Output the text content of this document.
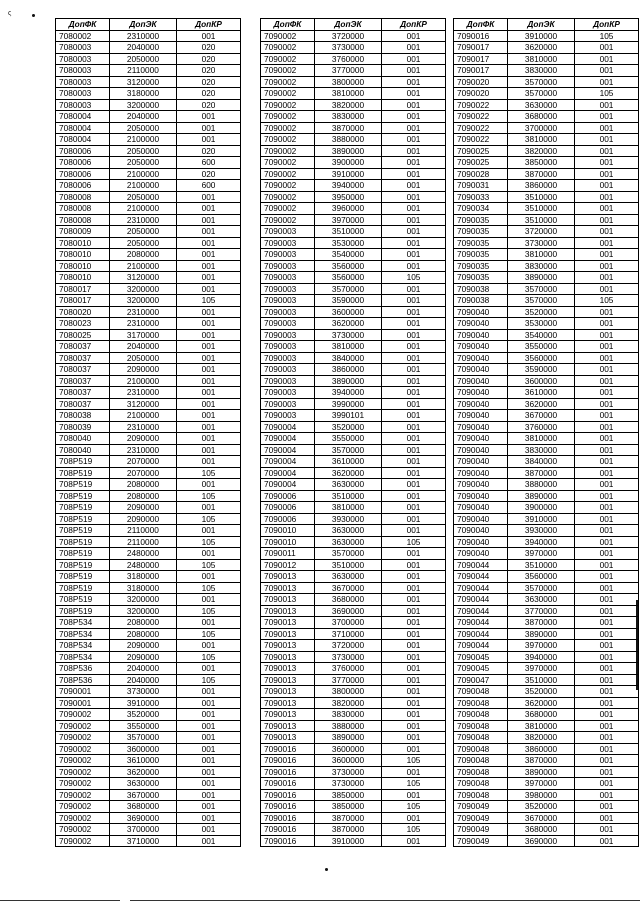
ς
ДопФК	ДопЭК	ДопКР
7080002	2310000	001
7080003	2040000	020
7080003	2050000	020
7080003	2110000	020
7080003	3120000	020
7080003	3180000	020
7080003	3200000	020
7080004	2040000	001
7080004	2050000	001
7080004	2100000	001
7080006	2050000	020
7080006	2050000	600
7080006	2100000	020
7080006	2100000	600
7080008	2050000	001
7080008	2100000	001
7080008	2310000	001
7080009	2050000	001
7080010	2050000	001
7080010	2080000	001
7080010	2100000	001
7080010	3120000	001
7080017	3200000	001
7080017	3200000	105
7080020	2310000	001
7080023	2310000	001
7080025	3170000	001
7080037	2040000	001
7080037	2050000	001
7080037	2090000	001
7080037	2100000	001
7080037	2310000	001
7080037	3120000	001
7080038	2100000	001
7080039	2310000	001
7080040	2090000	001
7080040	2310000	001
708P519	2070000	001
708P519	2070000	105
708P519	2080000	001
708P519	2080000	105
708P519	2090000	001
708P519	2090000	105
708P519	2110000	001
708P519	2110000	105
708P519	2480000	001
708P519	2480000	105
708P519	3180000	001
708P519	3180000	105
708P519	3200000	001
708P519	3200000	105
708P534	2080000	001
708P534	2080000	105
708P534	2090000	001
708P534	2090000	105
708P536	2040000	001
708P536	2040000	105
7090001	3730000	001
7090001	3910000	001
7090002	3520000	001
7090002	3550000	001
7090002	3570000	001
7090002	3600000	001
7090002	3610000	001
7090002	3620000	001
7090002	3630000	001
7090002	3670000	001
7090002	3680000	001
7090002	3690000	001
7090002	3700000	001
7090002	3710000	001
ДопФК	ДопЭК	ДопКР
7090002	3720000	001
7090002	3730000	001
7090002	3760000	001
7090002	3770000	001
7090002	3800000	001
7090002	3810000	001
7090002	3820000	001
7090002	3830000	001
7090002	3870000	001
7090002	3880000	001
7090002	3890000	001
7090002	3900000	001
7090002	3910000	001
7090002	3940000	001
7090002	3950000	001
7090002	3960000	001
7090002	3970000	001
7090003	3510000	001
7090003	3530000	001
7090003	3540000	001
7090003	3560000	001
7090003	3560000	105
7090003	3570000	001
7090003	3590000	001
7090003	3600000	001
7090003	3620000	001
7090003	3730000	001
7090003	3810000	001
7090003	3840000	001
7090003	3860000	001
7090003	3890000	001
7090003	3940000	001
7090003	3990000	001
7090003	3990101	001
7090004	3520000	001
7090004	3550000	001
7090004	3570000	001
7090004	3610000	001
7090004	3620000	001
7090004	3630000	001
7090006	3510000	001
7090006	3810000	001
7090006	3930000	001
7090010	3630000	001
7090010	3630000	105
7090011	3570000	001
7090012	3510000	001
7090013	3630000	001
7090013	3670000	001
7090013	3680000	001
7090013	3690000	001
7090013	3700000	001
7090013	3710000	001
7090013	3720000	001
7090013	3730000	001
7090013	3760000	001
7090013	3770000	001
7090013	3800000	001
7090013	3820000	001
7090013	3830000	001
7090013	3880000	001
7090013	3890000	001
7090016	3600000	001
7090016	3600000	105
7090016	3730000	001
7090016	3730000	105
7090016	3850000	001
7090016	3850000	105
7090016	3870000	001
7090016	3870000	105
7090016	3910000	001
ДопФК	ДопЭК	ДопКР
7090016	3910000	105
7090017	3620000	001
7090017	3810000	001
7090017	3830000	001
7090020	3570000	001
7090020	3570000	105
7090022	3630000	001
7090022	3680000	001
7090022	3700000	001
7090022	3810000	001
7090025	3820000	001
7090025	3850000	001
7090028	3870000	001
7090031	3860000	001
7090033	3510000	001
7090034	3510000	001
7090035	3510000	001
7090035	3720000	001
7090035	3730000	001
7090035	3810000	001
7090035	3830000	001
7090035	3890000	001
7090038	3570000	001
7090038	3570000	105
7090040	3520000	001
7090040	3530000	001
7090040	3540000	001
7090040	3550000	001
7090040	3560000	001
7090040	3590000	001
7090040	3600000	001
7090040	3610000	001
7090040	3620000	001
7090040	3670000	001
7090040	3760000	001
7090040	3810000	001
7090040	3830000	001
7090040	3840000	001
7090040	3870000	001
7090040	3880000	001
7090040	3890000	001
7090040	3900000	001
7090040	3910000	001
7090040	3930000	001
7090040	3940000	001
7090040	3970000	001
7090044	3510000	001
7090044	3560000	001
7090044	3570000	001
7090044	3630000	001
7090044	3770000	001
7090044	3870000	001
7090044	3890000	001
7090044	3970000	001
7090045	3940000	001
7090045	3970000	001
7090047	3510000	001
7090048	3520000	001
7090048	3620000	001
7090048	3680000	001
7090048	3810000	001
7090048	3820000	001
7090048	3860000	001
7090048	3870000	001
7090048	3890000	001
7090048	3970000	001
7090048	3980000	001
7090049	3520000	001
7090049	3670000	001
7090049	3680000	001
7090049	3690000	001
